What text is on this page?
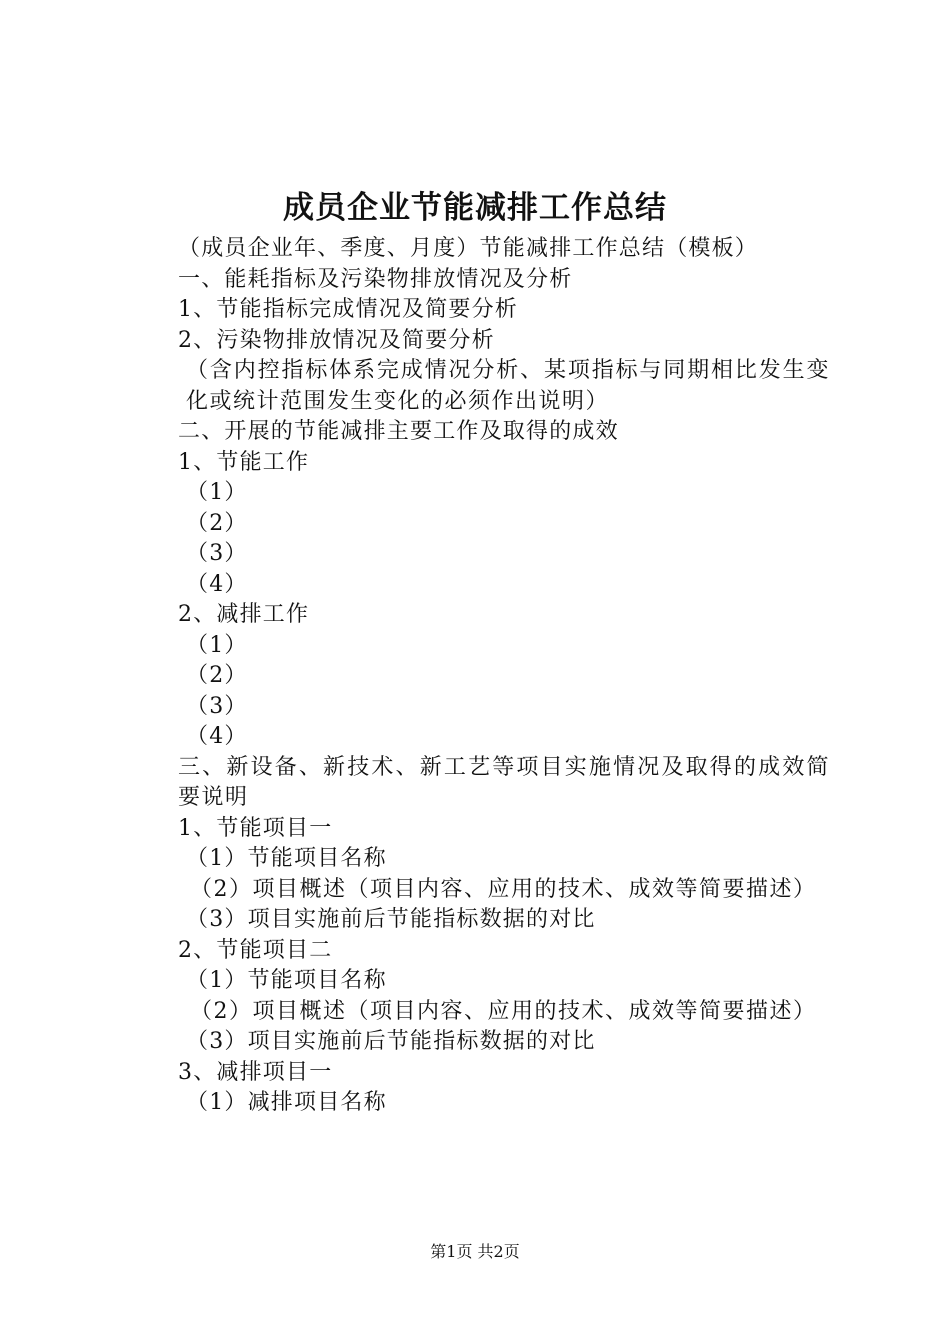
成员企业节能减排工作总结
（成员企业年、季度、月度）节能减排工作总结（模板）
一、能耗指标及污染物排放情况及分析
1、节能指标完成情况及简要分析
2、污染物排放情况及简要分析
（含内控指标体系完成情况分析、某项指标与同期相比发生变化或统计范围发生变化的必须作出说明）
二、开展的节能减排主要工作及取得的成效
1、节能工作
（1）
（2）
（3）
（4）
2、减排工作
（1）
（2）
（3）
（4）
三、新设备、新技术、新工艺等项目实施情况及取得的成效简要说明
1、节能项目一
（1）节能项目名称
（2）项目概述（项目内容、应用的技术、成效等简要描述）
（3）项目实施前后节能指标数据的对比
2、节能项目二
（1）节能项目名称
（2）项目概述（项目内容、应用的技术、成效等简要描述）
（3）项目实施前后节能指标数据的对比
3、减排项目一
（1）减排项目名称
第1页 共2页
